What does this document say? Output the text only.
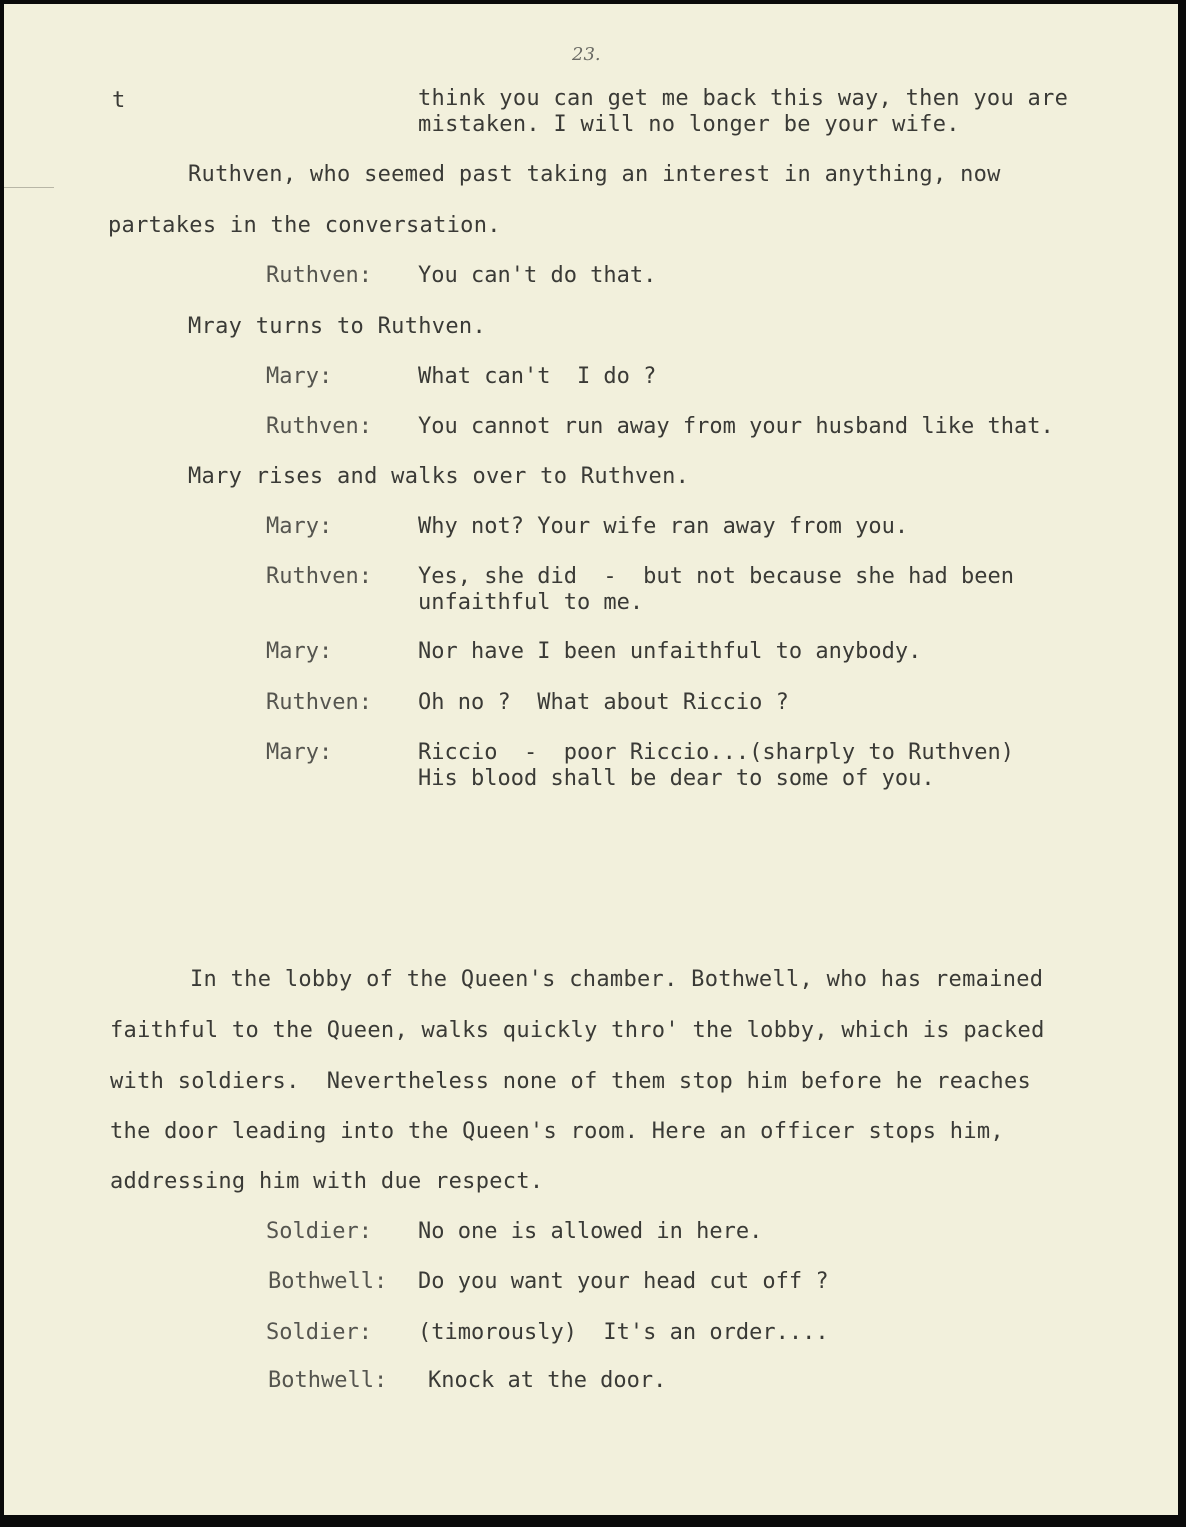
23.
t	think you can get me back this way, then you are
mistaken. I will no longer be your wife.
Ruthven, who seemed past taking an interest in anything, now
partakes in the conversation.
Ruthven: You can't do that.
Mray turns to Ruthven.
Mary:	What can't  I do ?
Ruthven: You cannot run away from your husband like that.
Mary rises and walks over to Ruthven.
Mary:	Why not? Your wife ran away from you.
Ruthven: Yes, she did  -  but not because she had been
unfaithful to me.
Mary:	Nor have I been unfaithful to anybody.
Ruthven: Oh no ?  What about Riccio ?
Mary:	Riccio  -  poor Riccio...(sharply to Ruthven)
His blood shall be dear to some of you.
In the lobby of the Queen's chamber. Bothwell, who has remained
faithful to the Queen, walks quickly thro' the lobby, which is packed
with soldiers.  Nevertheless none of them stop him before he reaches
the door leading into the Queen's room. Here an officer stops him,
addressing him with due respect.
Soldier: No one is allowed in here.
Bothwell: Do you want your head cut off ?
Soldier: (timorously)  It's an order....
Bothwell: Knock at the door.
